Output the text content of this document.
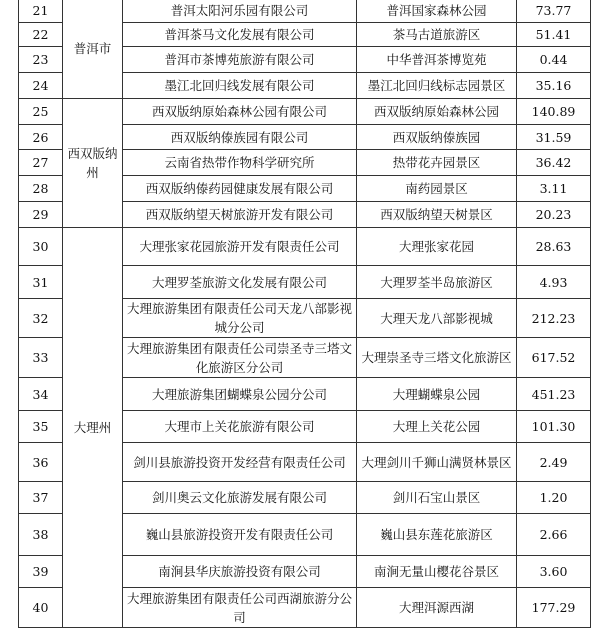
21	普洱市	普洱太阳河乐园有限公司	普洱国家森林公园	73.77
22		普洱茶马文化发展有限公司	茶马古道旅游区	51.41
23		普洱市茶博苑旅游有限公司	中华普洱茶博览苑	0.44
24		墨江北回归线发展有限公司	墨江北回归线标志园景区	35.16
25	西双版纳州	西双版纳原始森林公园有限公司	西双版纳原始森林公园	140.89
26		西双版纳傣族园有限公司	西双版纳傣族园	31.59
27		云南省热带作物科学研究所	热带花卉园景区	36.42
28		西双版纳傣药园健康发展有限公司	南药园景区	3.11
29		西双版纳望天树旅游开发有限公司	西双版纳望天树景区	20.23
30	大理州	大理张家花园旅游开发有限责任公司	大理张家花园	28.63
31		大理罗荃旅游文化发展有限公司	大理罗荃半岛旅游区	4.93
32		大理旅游集团有限责任公司天龙八部影视城分公司	大理天龙八部影视城	212.23
33		大理旅游集团有限责任公司崇圣寺三塔文化旅游区分公司	大理崇圣寺三塔文化旅游区	617.52
34		大理旅游集团蝴蝶泉公园分公司	大理蝴蝶泉公园	451.23
35		大理市上关花旅游有限公司	大理上关花公园	101.30
36		剑川县旅游投资开发经营有限责任公司	大理剑川千狮山满贤林景区	2.49
37		剑川奥云文化旅游发展有限公司	剑川石宝山景区	1.20
38		巍山县旅游投资开发有限责任公司	巍山县东莲花旅游区	2.66
39		南涧县华庆旅游投资有限公司	南涧无量山樱花谷景区	3.60
40		大理旅游集团有限责任公司西湖旅游分公司	大理洱源西湖	177.29
